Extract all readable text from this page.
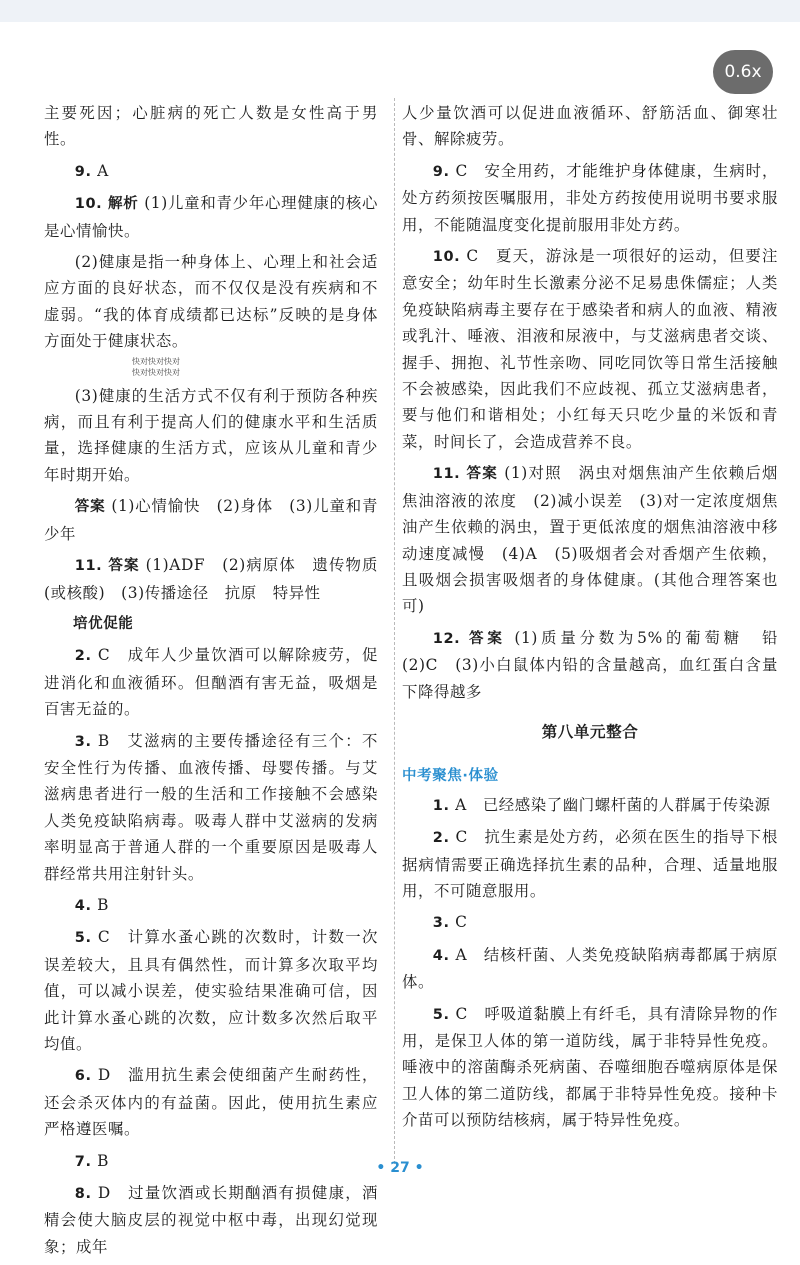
0.6x

主要死因；心脏病的死亡人数是女性高于男性。

9. A

10. 解析 (1)儿童和青少年心理健康的核心是心情愉快。

(2)健康是指一种身体上、心理上和社会适应方面的良好状态，而不仅仅是没有疾病和不虚弱。“我的体育成绩都已达标”反映的是身体方面处于健康状态。

快对快对快对
快对快对快对

(3)健康的生活方式不仅有利于预防各种疾病，而且有利于提高人们的健康水平和生活质量，选择健康的生活方式，应该从儿童和青少年时期开始。

答案 (1)心情愉快　(2)身体　(3)儿童和青少年

11. 答案 (1)ADF　(2)病原体　遗传物质(或核酸)　(3)传播途径　抗原　特异性

培优促能

2. C　成年人少量饮酒可以解除疲劳，促进消化和血液循环。但酗酒有害无益，吸烟是百害无益的。

3. B　艾滋病的主要传播途径有三个：不安全性行为传播、血液传播、母婴传播。与艾滋病患者进行一般的生活和工作接触不会感染人类免疫缺陷病毒。吸毒人群中艾滋病的发病率明显高于普通人群的一个重要原因是吸毒人群经常共用注射针头。

4. B

5. C　计算水蚤心跳的次数时，计数一次误差较大，且具有偶然性，而计算多次取平均值，可以减小误差，使实验结果准确可信，因此计算水蚤心跳的次数，应计数多次然后取平均值。

6. D　滥用抗生素会使细菌产生耐药性，还会杀灭体内的有益菌。因此，使用抗生素应严格遵医嘱。

7. B

8. D　过量饮酒或长期酗酒有损健康，酒精会使大脑皮层的视觉中枢中毒，出现幻觉现象；成年

人少量饮酒可以促进血液循环、舒筋活血、御寒壮骨、解除疲劳。

9. C　安全用药，才能维护身体健康，生病时，处方药须按医嘱服用，非处方药按使用说明书要求服用，不能随温度变化提前服用非处方药。

10. C　夏天，游泳是一项很好的运动，但要注意安全；幼年时生长激素分泌不足易患侏儒症；人类免疫缺陷病毒主要存在于感染者和病人的血液、精液或乳汁、唾液、泪液和尿液中，与艾滋病患者交谈、握手、拥抱、礼节性亲吻、同吃同饮等日常生活接触不会被感染，因此我们不应歧视、孤立艾滋病患者，要与他们和谐相处；小红每天只吃少量的米饭和青菜，时间长了，会造成营养不良。

11. 答案 (1)对照　涡虫对烟焦油产生依赖后烟焦油溶液的浓度　(2)减小误差　(3)对一定浓度烟焦油产生依赖的涡虫，置于更低浓度的烟焦油溶液中移动速度减慢　(4)A　(5)吸烟者会对香烟产生依赖，且吸烟会损害吸烟者的身体健康。(其他合理答案也可)

12. 答案 (1)质量分数为5%的葡萄糖　铅　(2)C　(3)小白鼠体内铅的含量越高，血红蛋白含量下降得越多

第八单元整合
中考聚焦·体验

1. A　已经感染了幽门螺杆菌的人群属于传染源

2. C　抗生素是处方药，必须在医生的指导下根据病情需要正确选择抗生素的品种，合理、适量地服用，不可随意服用。

3. C

4. A　结核杆菌、人类免疫缺陷病毒都属于病原体。

5. C　呼吸道黏膜上有纤毛，具有清除异物的作用，是保卫人体的第一道防线，属于非特异性免疫。唾液中的溶菌酶杀死病菌、吞噬细胞吞噬病原体是保卫人体的第二道防线，都属于非特异性免疫。接种卡介苗可以预防结核病，属于特异性免疫。

• 27 •
